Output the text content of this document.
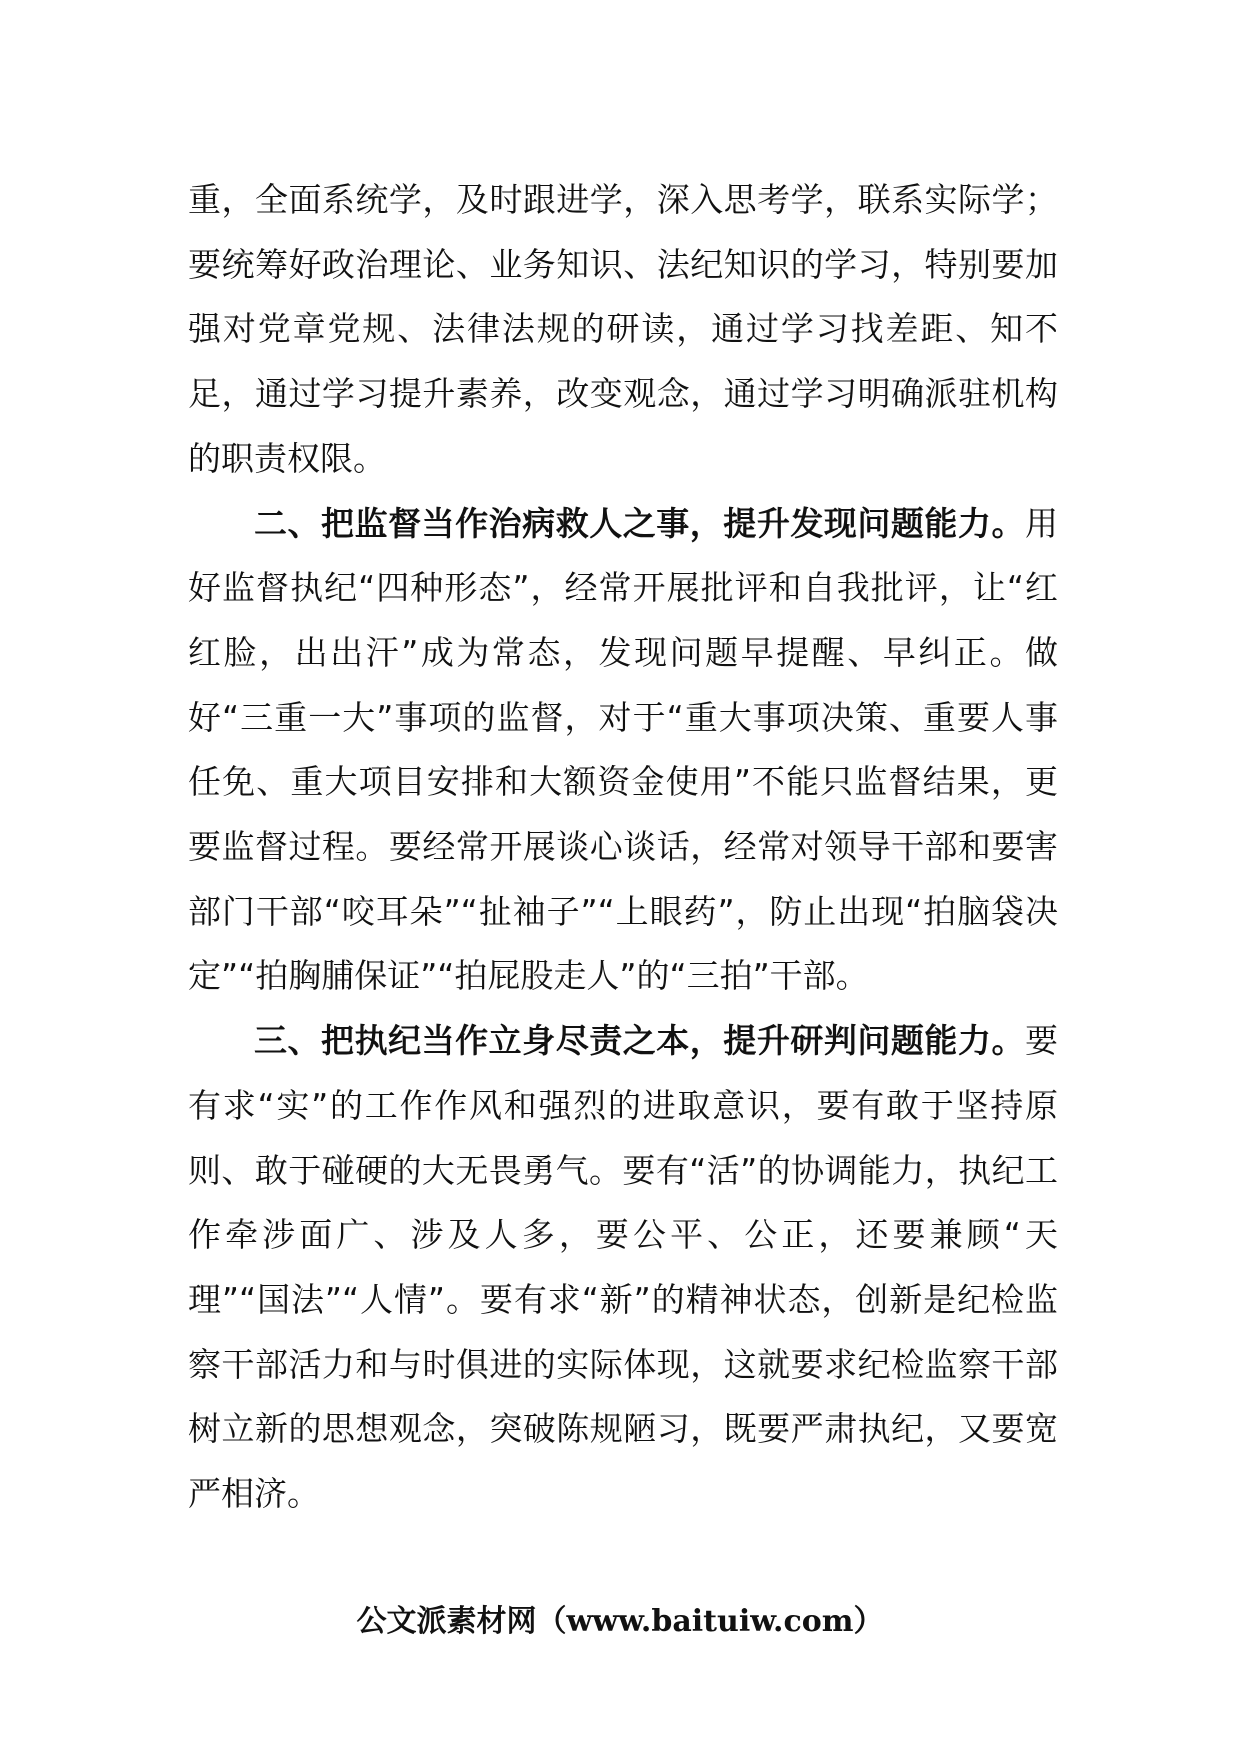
重，全面系统学，及时跟进学，深入思考学，联系实际学；要统筹好政治理论、业务知识、法纪知识的学习，特别要加强对党章党规、法律法规的研读，通过学习找差距、知不足，通过学习提升素养，改变观念，通过学习明确派驻机构的职责权限。

二、把监督当作治病救人之事，提升发现问题能力。用好监督执纪“四种形态”，经常开展批评和自我批评，让“红红脸，出出汗”成为常态，发现问题早提醒、早纠正。做好“三重一大”事项的监督，对于“重大事项决策、重要人事任免、重大项目安排和大额资金使用”不能只监督结果，更要监督过程。要经常开展谈心谈话，经常对领导干部和要害部门干部“咬耳朵”“扯袖子”“上眼药”，防止出现“拍脑袋决定”“拍胸脯保证”“拍屁股走人”的“三拍”干部。

三、把执纪当作立身尽责之本，提升研判问题能力。要有求“实”的工作作风和强烈的进取意识，要有敢于坚持原则、敢于碰硬的大无畏勇气。要有“活”的协调能力，执纪工作牵涉面广、涉及人多，要公平、公正，还要兼顾“天理”“国法”“人情”。要有求“新”的精神状态，创新是纪检监察干部活力和与时俱进的实际体现，这就要求纪检监察干部树立新的思想观念，突破陈规陋习，既要严肃执纪，又要宽严相济。

公文派素材网（www.baituiw.com）
